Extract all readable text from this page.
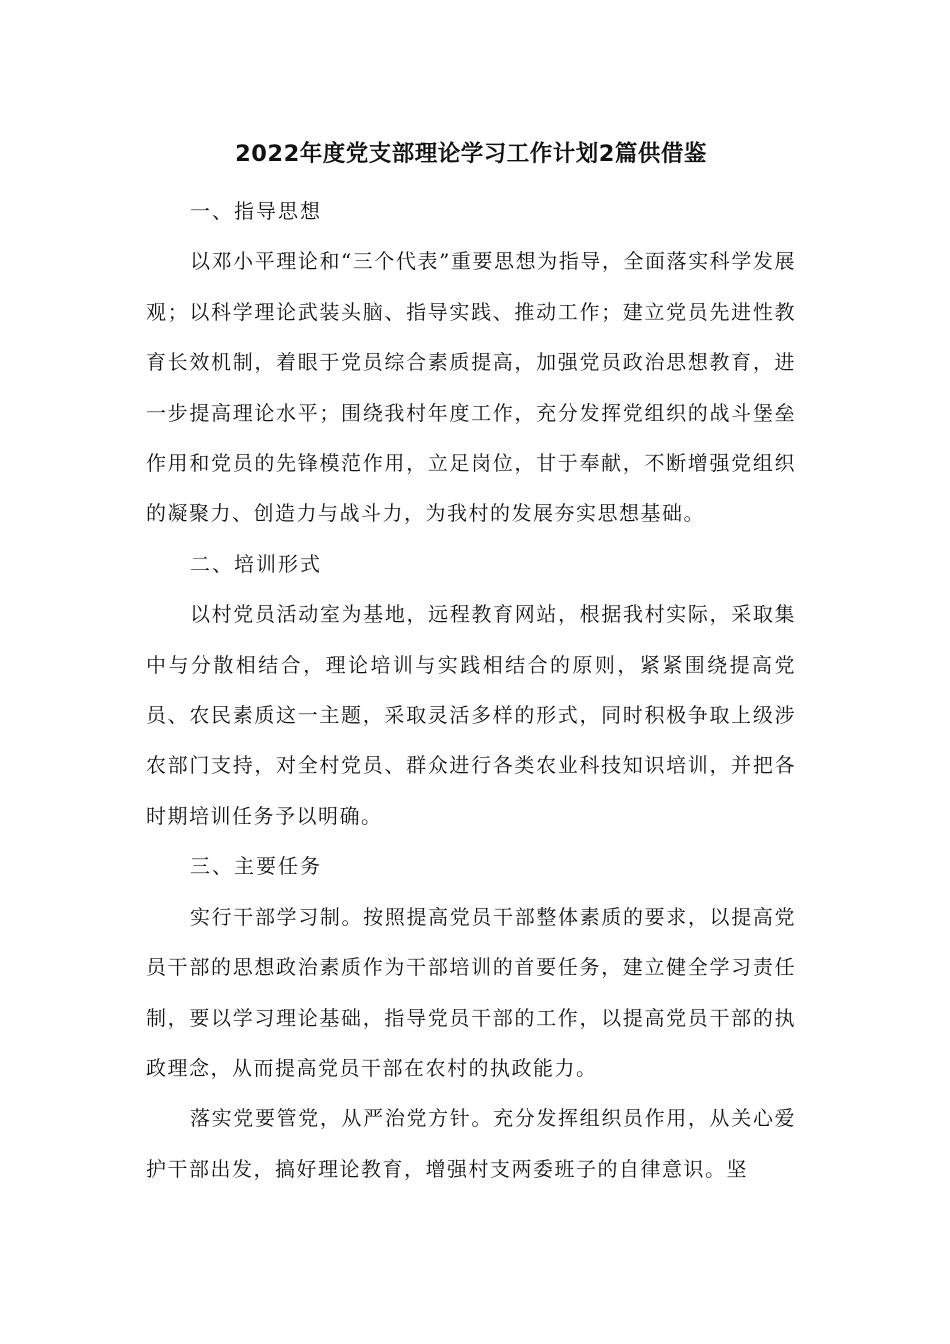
2022年度党支部理论学习工作计划2篇供借鉴

一、指导思想

以邓小平理论和“三个代表”重要思想为指导，全面落实科学发展观；以科学理论武装头脑、指导实践、推动工作；建立党员先进性教育长效机制，着眼于党员综合素质提高，加强党员政治思想教育，进一步提高理论水平；围绕我村年度工作，充分发挥党组织的战斗堡垒作用和党员的先锋模范作用，立足岗位，甘于奉献，不断增强党组织的凝聚力、创造力与战斗力，为我村的发展夯实思想基础。

二、培训形式

以村党员活动室为基地，远程教育网站，根据我村实际，采取集中与分散相结合，理论培训与实践相结合的原则，紧紧围绕提高党员、农民素质这一主题，采取灵活多样的形式，同时积极争取上级涉农部门支持，对全村党员、群众进行各类农业科技知识培训，并把各时期培训任务予以明确。

三、主要任务

实行干部学习制。按照提高党员干部整体素质的要求，以提高党员干部的思想政治素质作为干部培训的首要任务，建立健全学习责任制，要以学习理论基础，指导党员干部的工作，以提高党员干部的执政理念，从而提高党员干部在农村的执政能力。

落实党要管党，从严治党方针。充分发挥组织员作用，从关心爱护干部出发，搞好理论教育，增强村支两委班子的自律意识。坚
